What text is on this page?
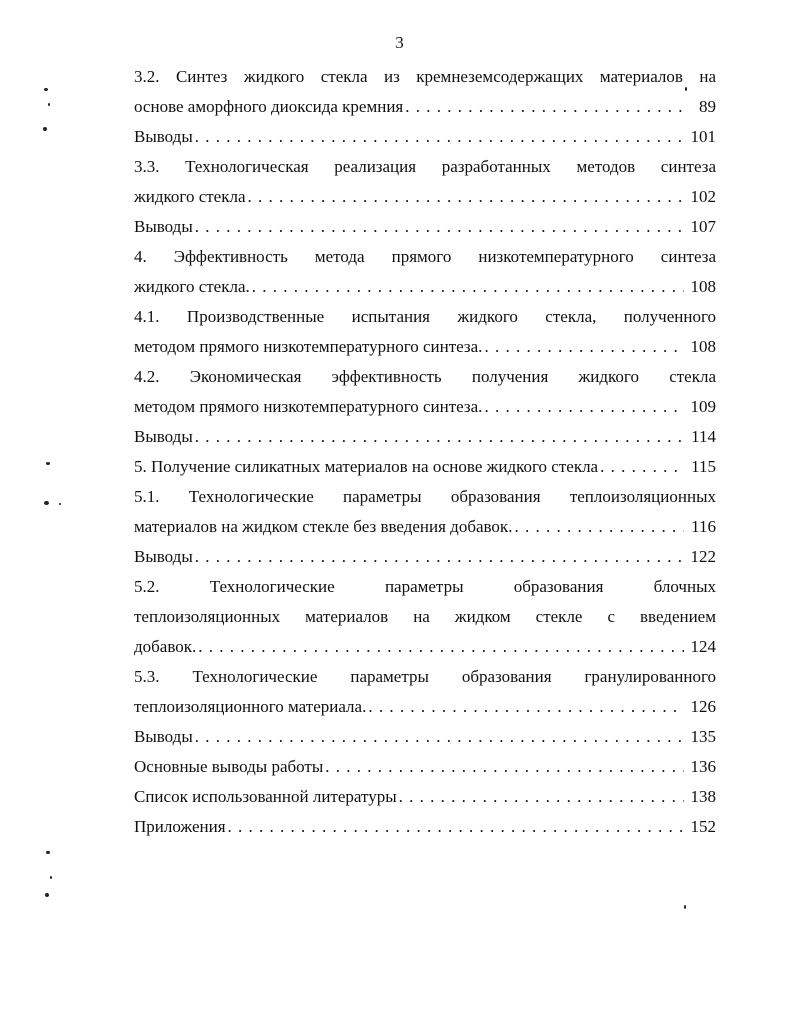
3
3.2. Синтез жидкого стекла из кремнеземсодержащих материалов на
основе аморфного диоксида кремния . . .	89
Выводы . . .	101
3.3. Технологическая реализация разработанных методов синтеза
жидкого стекла . . .	102
Выводы . . .	107
4. Эффективность метода прямого низкотемпературного синтеза
жидкого стекла. . . .	108
4.1. Производственные испытания жидкого стекла, полученного
методом прямого низкотемпературного синтеза. . . .	108
4.2. Экономическая эффективность получения жидкого стекла
методом прямого низкотемпературного синтеза. . . .	109
Выводы . . .	114
5. Получение силикатных материалов на основе жидкого стекла . . .	115
5.1. Технологические параметры образования теплоизоляционных
материалов на жидком стекле без введения добавок. . . .	116
Выводы . . .	122
5.2. Технологические параметры образования блочных
теплоизоляционных материалов на жидком стекле с введением
добавок. . . .	124
5.3. Технологические параметры образования гранулированного
теплоизоляционного материала. . . .	126
Выводы . . .	135
Основные выводы работы . . .	136
Список использованной литературы . . .	138
Приложения . . .	152
